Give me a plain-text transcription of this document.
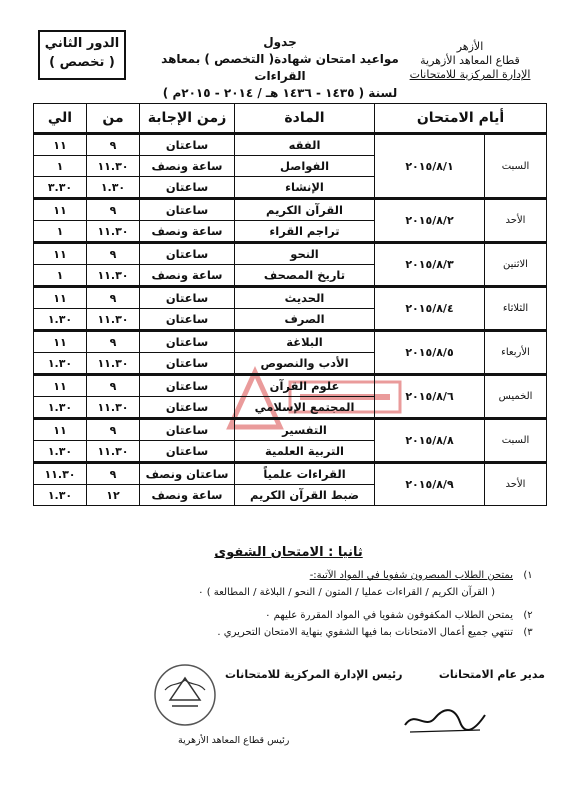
الأزهر
قطاع المعاهد الأزهرية
الإدارة المركزية للامتحانات
جدول
مواعيد امتحان شهادة( التخصص ) بمعاهد القراءات
لسنة ( ١٤٣٥ - ١٤٣٦ هـ / ٢٠١٤ - ٢٠١٥م )
الدور الثاني
( تخصص )
أيام الامتحان		المادة	زمن الإجابة	من	الي
السبت	٢٠١٥/٨/١	الفقه	ساعتان	٩	١١
		الفواصل	ساعة ونصف	١١.٣٠	١
		الإنشاء	ساعتان	١.٣٠	٣.٣٠
الأحد	٢٠١٥/٨/٢	القرآن الكريم	ساعتان	٩	١١
		تراجم القراء	ساعة ونصف	١١.٣٠	١
الاثنين	٢٠١٥/٨/٣	النحو	ساعتان	٩	١١
		تاريخ المصحف	ساعة ونصف	١١.٣٠	١
الثلاثاء	٢٠١٥/٨/٤	الحديث	ساعتان	٩	١١
		الصرف	ساعتان	١١.٣٠	١.٣٠
الأربعاء	٢٠١٥/٨/٥	البلاغة	ساعتان	٩	١١
		الأدب والنصوص	ساعتان	١١.٣٠	١.٣٠
الخميس	٢٠١٥/٨/٦	علوم القرآن	ساعتان	٩	١١
		المجتمع الإسلامي	ساعتان	١١.٣٠	١.٣٠
السبت	٢٠١٥/٨/٨	التفسير	ساعتان	٩	١١
		التربية العلمية	ساعتان	١١.٣٠	١.٣٠
الأحد	٢٠١٥/٨/٩	القراءات علمياً	ساعتان ونصف	٩	١١.٣٠
		ضبط القرآن الكريم	ساعة ونصف	١٢	١.٣٠
ثانيا : الامتحان الشفوى
١)
يمتحن الطلاب المبصرون شفويا في المواد الآتية:-
( القرآن الكريم / القراءات عمليا / المتون / النحو / البلاغة / المطالعة ) ٠
٢)
يمتحن الطلاب المكفوفون شفويا في المواد المقررة عليهم ٠
٣)
تنتهي جميع أعمال الامتحانات بما فيها الشفوي بنهاية الامتحان التحريري .
مدير عام الامتحانات
رئيس الإدارة المركزية للامتحانات
رئيس قطاع المعاهد الأزهرية
